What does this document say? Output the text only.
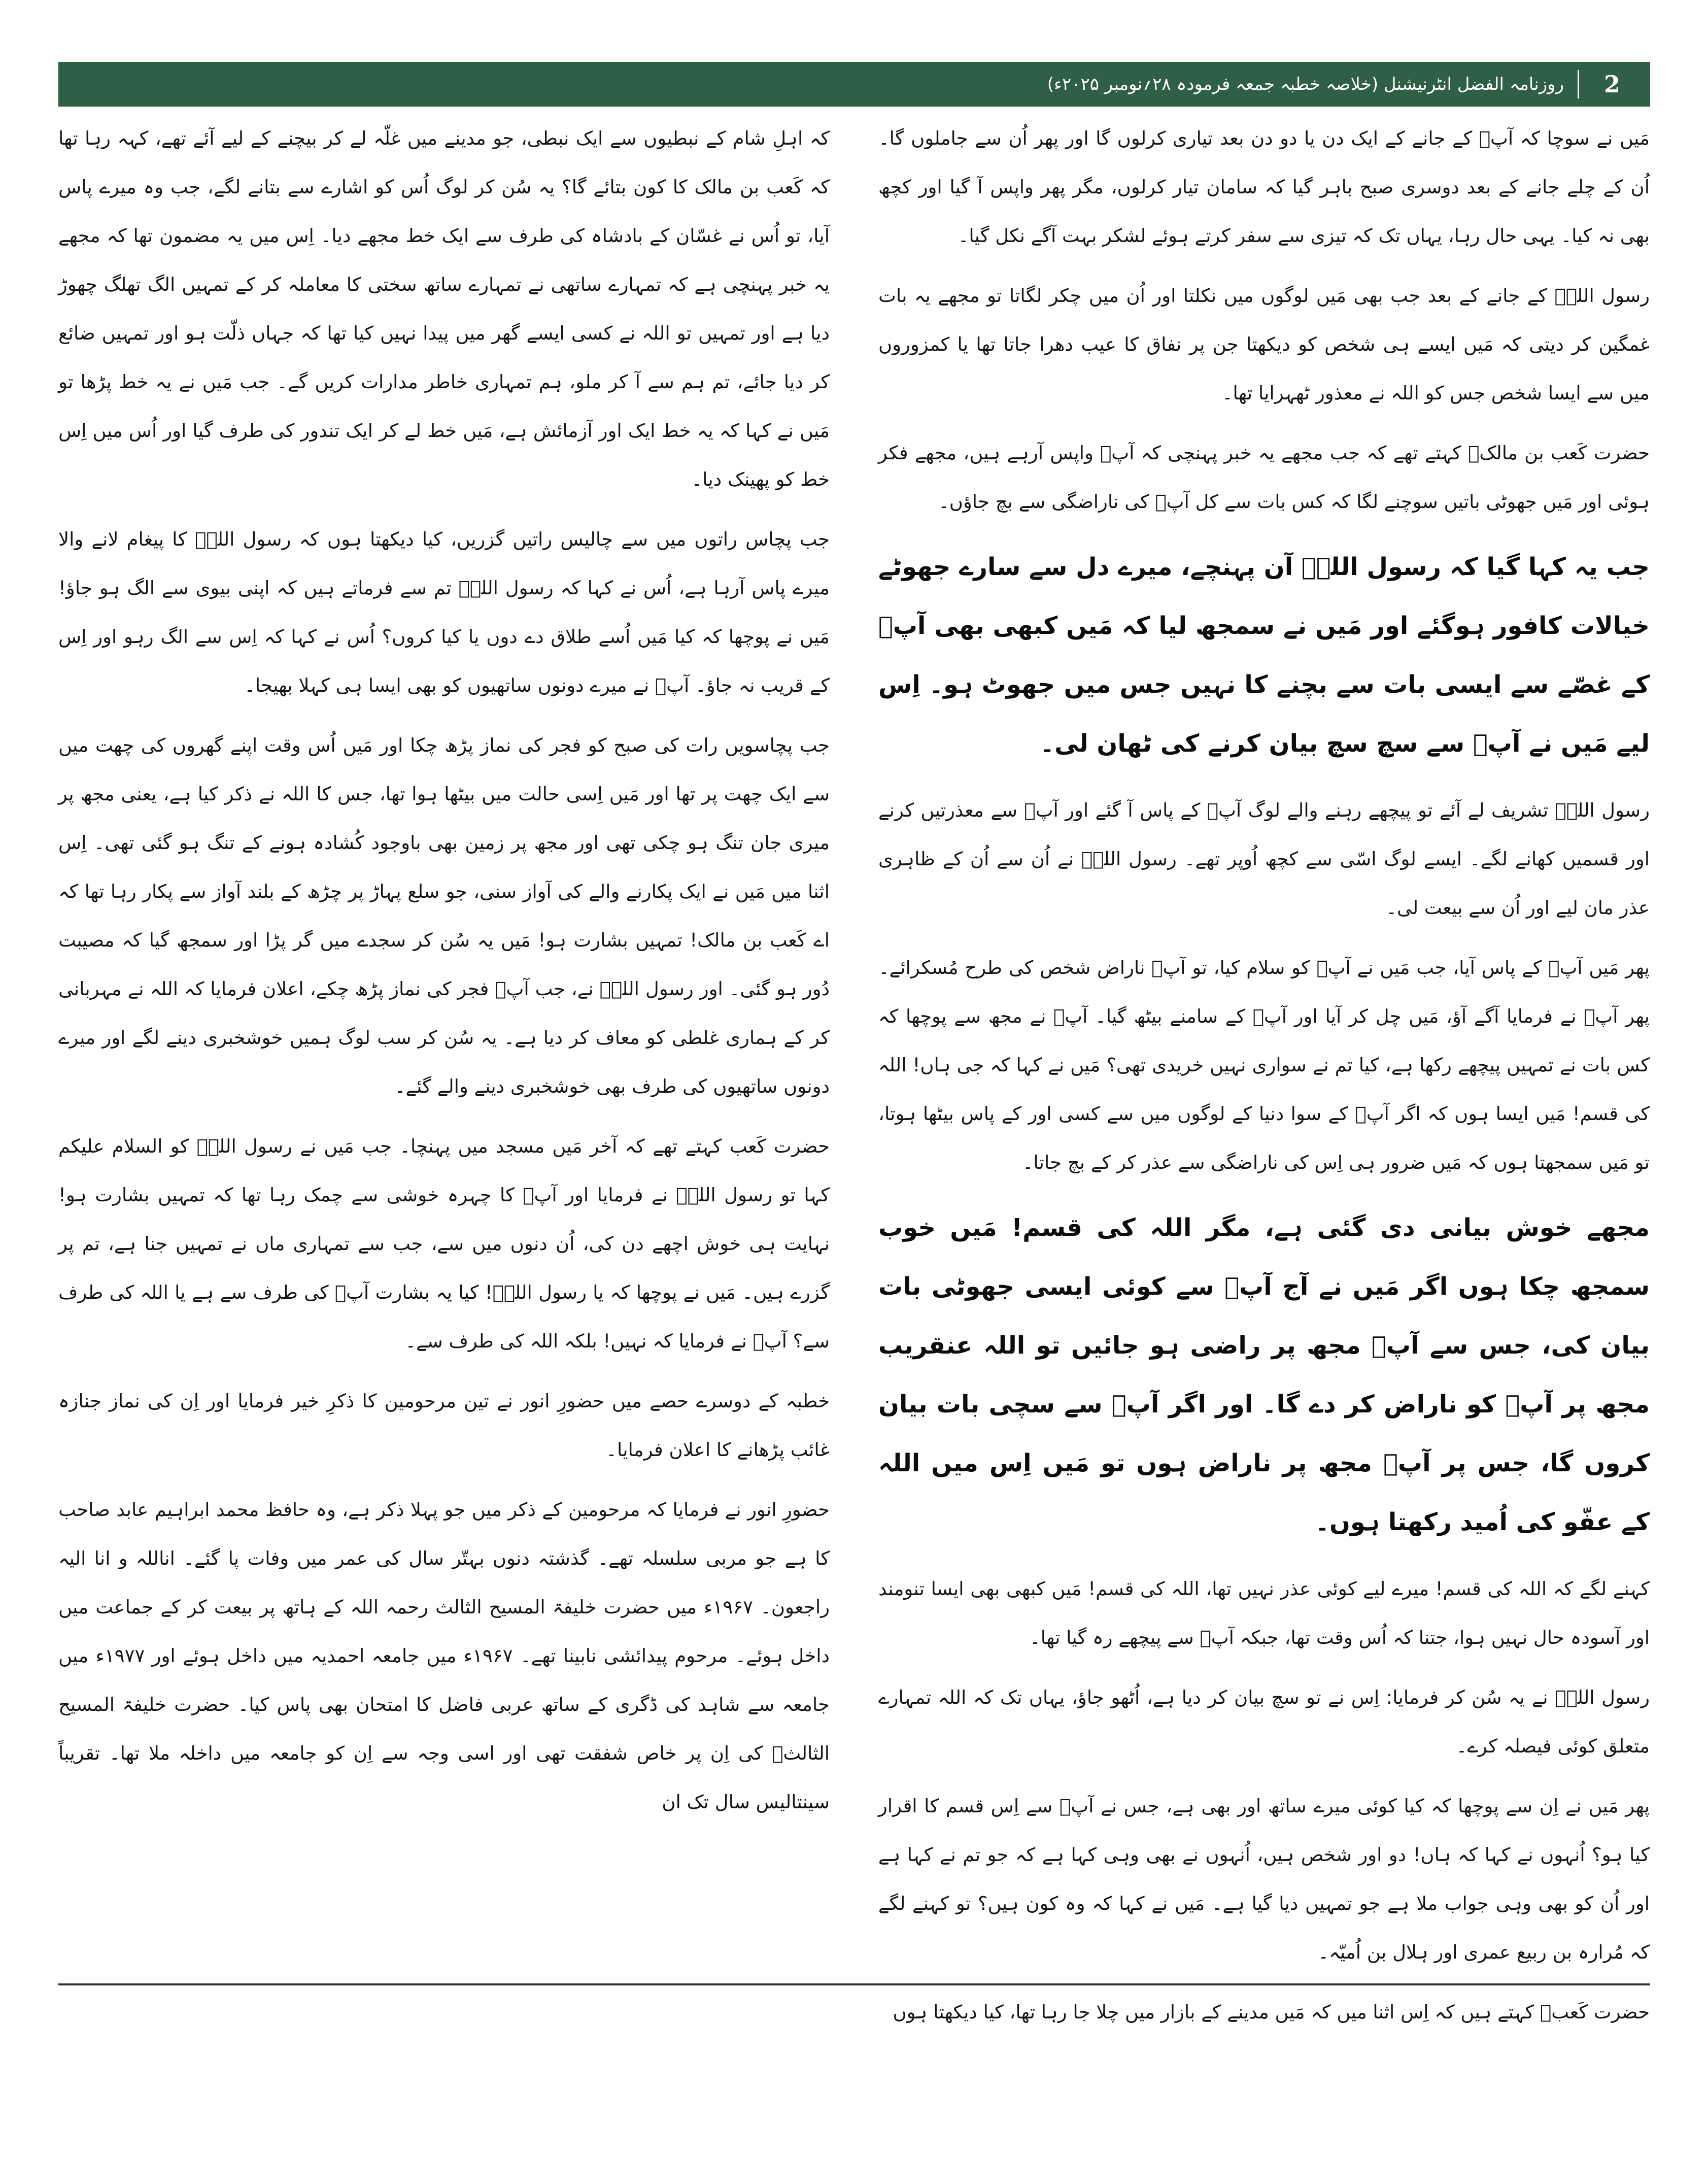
2
روزنامہ الفضل انٹرنیشنل (خلاصہ خطبہ جمعہ فرمودہ ۲۸؍نومبر ۲۰۲۵ء)

مَیں نے سوچا کہ آپؐ کے جانے کے ایک دن یا دو دن بعد تیاری کرلوں گا اور پھر اُن سے جاملوں گا۔ اُن کے چلے جانے کے بعد دوسری صبح باہر گیا کہ سامان تیار کرلوں، مگر پھر واپس آ گیا اور کچھ بھی نہ کیا۔ یہی حال رہا، یہاں تک کہ تیزی سے سفر کرتے ہوئے لشکر بہت آگے نکل گیا۔

رسول اللہؐ کے جانے کے بعد جب بھی مَیں لوگوں میں نکلتا اور اُن میں چکر لگاتا تو مجھے یہ بات غمگین کر دیتی کہ مَیں ایسے ہی شخص کو دیکھتا جن پر نفاق کا عیب دھرا جاتا تھا یا کمزوروں میں سے ایسا شخص جس کو اللہ نے معذور ٹھہرایا تھا۔

حضرت کَعب بن مالکؓ کہتے تھے کہ جب مجھے یہ خبر پہنچی کہ آپؐ واپس آرہے ہیں، مجھے فکر ہوئی اور مَیں جھوٹی باتیں سوچنے لگا کہ کس بات سے کل آپؐ کی ناراضگی سے بچ جاؤں۔

جب یہ کہا گیا کہ رسول اللہؐ آن پہنچے، میرے دل سے سارے جھوٹے خیالات کافور ہوگئے اور مَیں نے سمجھ لیا کہ مَیں کبھی بھی آپؐ کے غصّے سے ایسی بات سے بچنے کا نہیں جس میں جھوٹ ہو۔ اِس لیے مَیں نے آپؐ سے سچ سچ بیان کرنے کی ٹھان لی۔

رسول اللہؐ تشریف لے آئے تو پیچھے رہنے والے لوگ آپؐ کے پاس آ گئے اور آپؐ سے معذرتیں کرنے اور قسمیں کھانے لگے۔ ایسے لوگ اسّی سے کچھ اُوپر تھے۔ رسول اللہؐ نے اُن سے اُن کے ظاہری عذر مان لیے اور اُن سے بیعت لی۔

پھر مَیں آپؐ کے پاس آیا، جب مَیں نے آپؐ کو سلام کیا، تو آپؐ ناراض شخص کی طرح مُسکرائے۔ پھر آپؐ نے فرمایا آگے آؤ، مَیں چل کر آیا اور آپؐ کے سامنے بیٹھ گیا۔ آپؐ نے مجھ سے پوچھا کہ کس بات نے تمہیں پیچھے رکھا ہے، کیا تم نے سواری نہیں خریدی تھی؟ مَیں نے کہا کہ جی ہاں! اللہ کی قسم! مَیں ایسا ہوں کہ اگر آپؐ کے سوا دنیا کے لوگوں میں سے کسی اور کے پاس بیٹھا ہوتا، تو مَیں سمجھتا ہوں کہ مَیں ضرور ہی اِس کی ناراضگی سے عذر کر کے بچ جاتا۔

مجھے خوش بیانی دی گئی ہے، مگر اللہ کی قسم! مَیں خوب سمجھ چکا ہوں اگر مَیں نے آج آپؐ سے کوئی ایسی جھوٹی بات بیان کی، جس سے آپؐ مجھ پر راضی ہو جائیں تو اللہ عنقریب مجھ پر آپؐ کو ناراض کر دے گا۔ اور اگر آپؐ سے سچی بات بیان کروں گا، جس پر آپؐ مجھ پر ناراض ہوں تو مَیں اِس میں اللہ کے عفّو کی اُمید رکھتا ہوں۔

کہنے لگے کہ اللہ کی قسم! میرے لیے کوئی عذر نہیں تھا، اللہ کی قسم! مَیں کبھی بھی ایسا تنومند اور آسودہ حال نہیں ہوا، جتنا کہ اُس وقت تھا، جبکہ آپؐ سے پیچھے رہ گیا تھا۔

رسول اللہؐ نے یہ سُن کر فرمایا: اِس نے تو سچ بیان کر دیا ہے، اُٹھو جاؤ، یہاں تک کہ اللہ تمہارے متعلق کوئی فیصلہ کرے۔

پھر مَیں نے اِن سے پوچھا کہ کیا کوئی میرے ساتھ اور بھی ہے، جس نے آپؐ سے اِس قسم کا اقرار کیا ہو؟ اُنہوں نے کہا کہ ہاں! دو اور شخص ہیں، اُنہوں نے بھی وہی کہا ہے کہ جو تم نے کہا ہے اور اُن کو بھی وہی جواب ملا ہے جو تمہیں دیا گیا ہے۔ مَیں نے کہا کہ وہ کون ہیں؟ تو کہنے لگے کہ مُرارہ بن ربیع عمری اور ہلال بن اُمیّہ۔

حضرت کَعبؓ کہتے ہیں کہ اِس اثنا میں کہ مَیں مدینے کے بازار میں چلا جا رہا تھا، کیا دیکھتا ہوں

کہ اہلِ شام کے نبطیوں سے ایک نبطی، جو مدینے میں غلّہ لے کر بیچنے کے لیے آئے تھے، کہہ رہا تھا کہ کَعب بن مالک کا کون بتائے گا؟ یہ سُن کر لوگ اُس کو اشارے سے بتانے لگے، جب وہ میرے پاس آیا، تو اُس نے غسّان کے بادشاہ کی طرف سے ایک خط مجھے دیا۔ اِس میں یہ مضمون تھا کہ مجھے یہ خبر پہنچی ہے کہ تمہارے ساتھی نے تمہارے ساتھ سختی کا معاملہ کر کے تمہیں الگ تھلگ چھوڑ دیا ہے اور تمہیں تو اللہ نے کسی ایسے گھر میں پیدا نہیں کیا تھا کہ جہاں ذلّت ہو اور تمہیں ضائع کر دیا جائے، تم ہم سے آ کر ملو، ہم تمہاری خاطر مدارات کریں گے۔ جب مَیں نے یہ خط پڑھا تو مَیں نے کہا کہ یہ خط ایک اور آزمائش ہے، مَیں خط لے کر ایک تندور کی طرف گیا اور اُس میں اِس خط کو پھینک دیا۔

جب پچاس راتوں میں سے چالیس راتیں گزریں، کیا دیکھتا ہوں کہ رسول اللہؐ کا پیغام لانے والا میرے پاس آرہا ہے، اُس نے کہا کہ رسول اللہؐ تم سے فرماتے ہیں کہ اپنی بیوی سے الگ ہو جاؤ! مَیں نے پوچھا کہ کیا مَیں اُسے طلاق دے دوں یا کیا کروں؟ اُس نے کہا کہ اِس سے الگ رہو اور اِس کے قریب نہ جاؤ۔ آپؐ نے میرے دونوں ساتھیوں کو بھی ایسا ہی کہلا بھیجا۔

جب پچاسویں رات کی صبح کو فجر کی نماز پڑھ چکا اور مَیں اُس وقت اپنے گھروں کی چھت میں سے ایک چھت پر تھا اور مَیں اِسی حالت میں بیٹھا ہوا تھا، جس کا اللہ نے ذکر کیا ہے، یعنی مجھ پر میری جان تنگ ہو چکی تھی اور مجھ پر زمین بھی باوجود کُشادہ ہونے کے تنگ ہو گئی تھی۔ اِس اثنا میں مَیں نے ایک پکارنے والے کی آواز سنی، جو سلع پہاڑ پر چڑھ کے بلند آواز سے پکار رہا تھا کہ اے کَعب بن مالک! تمہیں بشارت ہو! مَیں یہ سُن کر سجدے میں گر پڑا اور سمجھ گیا کہ مصیبت دُور ہو گئی۔ اور رسول اللہؐ نے، جب آپؐ فجر کی نماز پڑھ چکے، اعلان فرمایا کہ اللہ نے مہربانی کر کے ہماری غلطی کو معاف کر دیا ہے۔ یہ سُن کر سب لوگ ہمیں خوشخبری دینے لگے اور میرے دونوں ساتھیوں کی طرف بھی خوشخبری دینے والے گئے۔

حضرت کَعب کہتے تھے کہ آخر مَیں مسجد میں پہنچا۔ جب مَیں نے رسول اللہؐ کو السلام علیکم کہا تو رسول اللہؐ نے فرمایا اور آپؐ کا چہرہ خوشی سے چمک رہا تھا کہ تمہیں بشارت ہو! نہایت ہی خوش اچھے دن کی، اُن دنوں میں سے، جب سے تمہاری ماں نے تمہیں جنا ہے، تم پر گزرے ہیں۔ مَیں نے پوچھا کہ یا رسول اللہؐ! کیا یہ بشارت آپؐ کی طرف سے ہے یا اللہ کی طرف سے؟ آپؐ نے فرمایا کہ نہیں! بلکہ اللہ کی طرف سے۔

خطبہ کے دوسرے حصے میں حضورِ انور نے تین مرحومین کا ذکرِ خیر فرمایا اور اِن کی نماز جنازہ غائب پڑھانے کا اعلان فرمایا۔

حضورِ انور نے فرمایا کہ مرحومین کے ذکر میں جو پہلا ذکر ہے، وہ حافظ محمد ابراہیم عابد صاحب کا ہے جو مربی سلسلہ تھے۔ گذشتہ دنوں بہتّر سال کی عمر میں وفات پا گئے۔ اناللہ و انا الیہ راجعون۔ ۱۹۶۷ء میں حضرت خلیفۃ المسیح الثالث رحمہ اللہ کے ہاتھ پر بیعت کر کے جماعت میں داخل ہوئے۔ مرحوم پیدائشی نابینا تھے۔ ۱۹۶۷ء میں جامعہ احمدیہ میں داخل ہوئے اور ۱۹۷۷ء میں جامعہ سے شاہد کی ڈگری کے ساتھ عربی فاضل کا امتحان بھی پاس کیا۔ حضرت خلیفۃ المسیح الثالثؒ کی اِن پر خاص شفقت تھی اور اسی وجہ سے اِن کو جامعہ میں داخلہ ملا تھا۔ تقریباً سینتالیس سال تک ان
